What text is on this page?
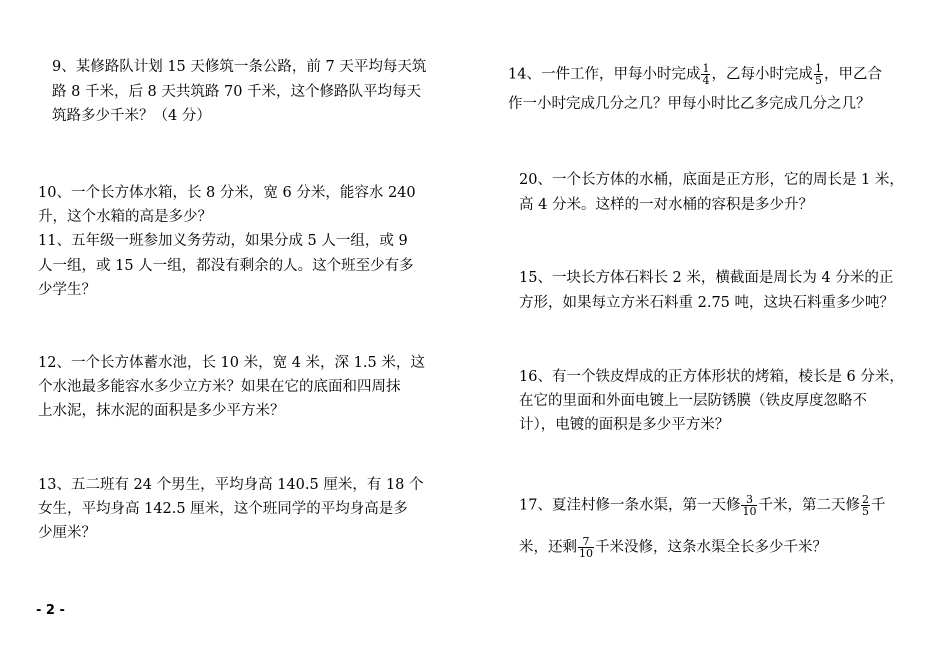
9、某修路队计划 15 天修筑一条公路，前 7 天平均每天筑
路 8 千米，后 8 天共筑路 70 千米，这个修路队平均每天
筑路多少千米？（4 分）
10、一个长方体水箱，长 8 分米，宽 6 分米，能容水 240
升，这个水箱的高是多少？
11、五年级一班参加义务劳动，如果分成 5 人一组，或 9
人一组，或 15 人一组，都没有剩余的人。这个班至少有多
少学生？
12、一个长方体蓄水池，长 10 米，宽 4 米，深 1.5 米，这
个水池最多能容水多少立方米？如果在它的底面和四周抹
上水泥，抹水泥的面积是多少平方米？
13、五二班有 24 个男生，平均身高 140.5 厘米，有 18 个
女生，平均身高 142.5 厘米，这个班同学的平均身高是多
少厘米？
14、一件工作，甲每小时完成 $\frac{1}{4}$ ，乙每小时完成 $\frac{1}{5}$ ，甲乙合
作一小时完成几分之几？甲每小时比乙多完成几分之几？
20、一个长方体的水桶，底面是正方形，它的周长是 1 米，
高 4 分米。这样的一对水桶的容积是多少升？
15、一块长方体石料长 2 米，横截面是周长为 4 分米的正
方形，如果每立方米石料重 2.75 吨，这块石料重多少吨？
16、有一个铁皮焊成的正方体形状的烤箱，棱长是 6 分米，
在它的里面和外面电镀上一层防锈膜（铁皮厚度忽略不
计），电镀的面积是多少平方米？
17、夏洼村修一条水渠，第一天修 $\frac{3}{10}$ 千米，第二天修 $\frac{2}{5}$ 千
米，还剩 $\frac{7}{10}$ 千米没修，这条水渠全长多少千米？
- 2 -
